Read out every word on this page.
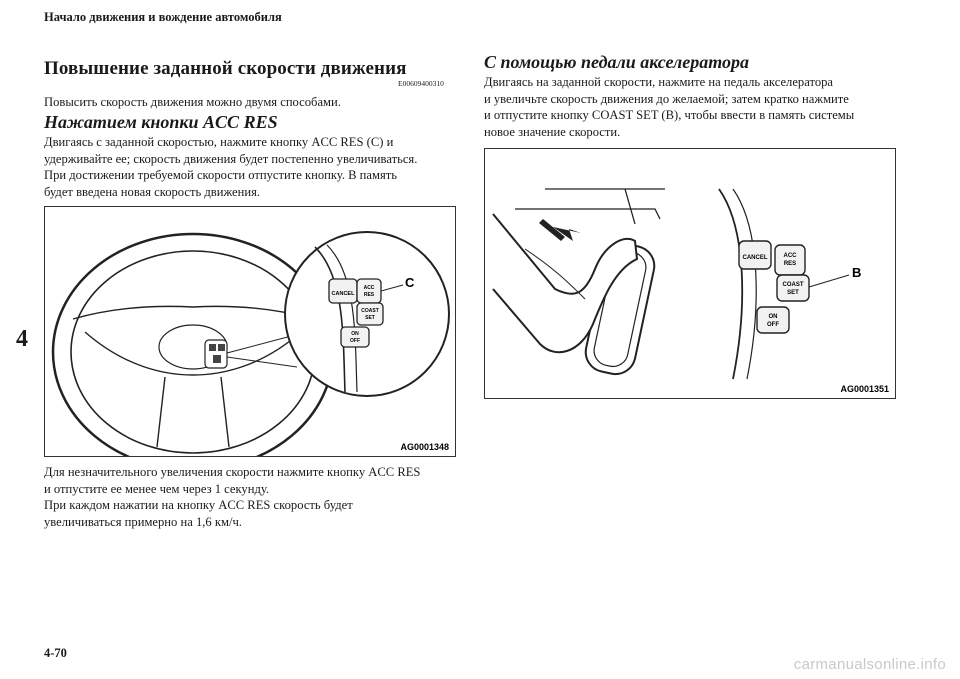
Начало движения и вождение автомобиля
4
4-70
carmanualsonline.info
Повышение заданной скорости движения
E00609400310
Повысить скорость движения можно двумя способами.
Нажатием кнопки ACC RES
Двигаясь с заданной скоростью, нажмите кнопку ACC RES (C) и
удерживайте ее; скорость движения будет постепенно увеличиваться.
При достижении требуемой скорости отпустите кнопку. В память
будет введена новая скорость движения.
CANCEL
ACC
RES
COAST
SET
ON
OFF
C
AG0001348
Для незначительного увеличения скорости нажмите кнопку ACC RES
и отпустите ее менее чем через 1 секунду.
При каждом нажатии на кнопку ACC RES скорость будет
увеличиваться примерно на 1,6 км/ч.
С помощью педали акселератора
Двигаясь на заданной скорости, нажмите на педаль акселератора
и увеличьте скорость движения до желаемой; затем кратко нажмите
и отпустите кнопку COAST SET (B), чтобы ввести в память системы
новое значение скорости.
CANCEL	ACC
RES
COAST
SET
ON
OFF
B
AG0001351
